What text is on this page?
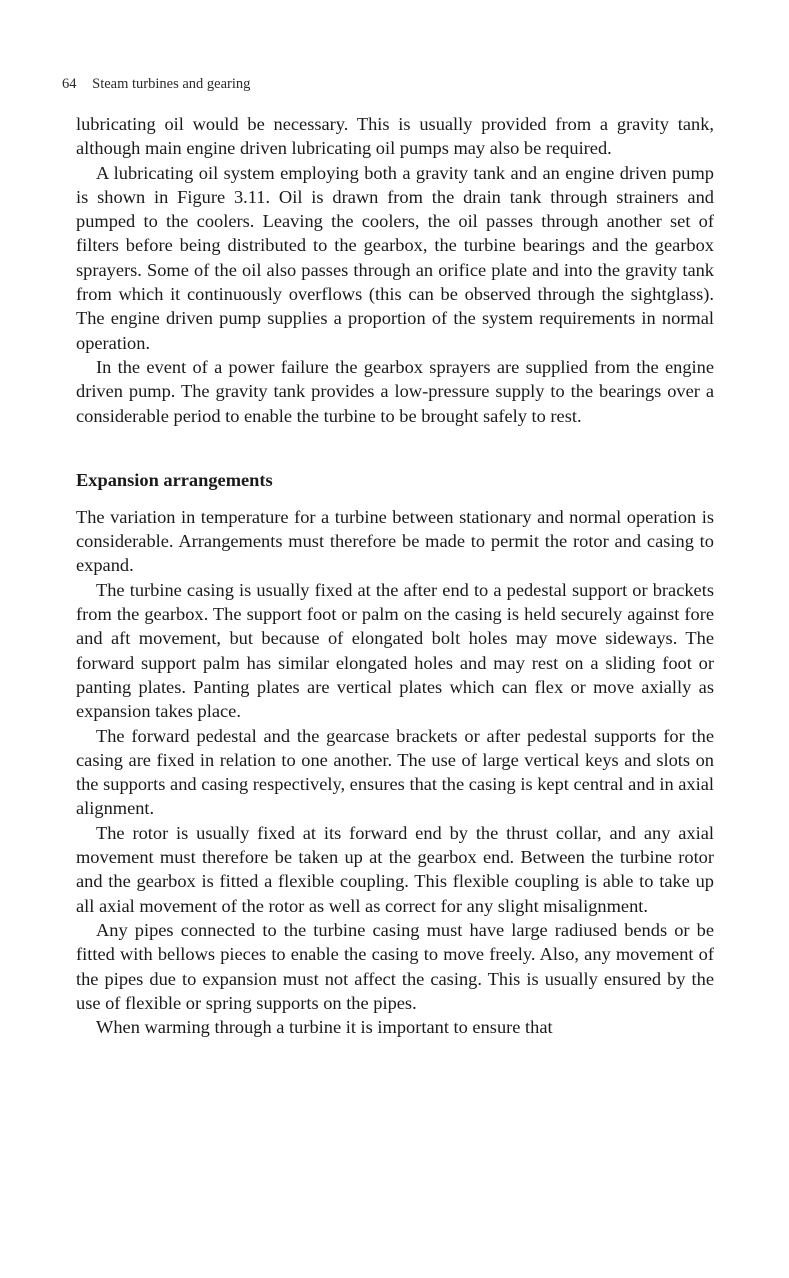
64 Steam turbines and gearing

lubricating oil would be necessary. This is usually provided from a gravity tank, although main engine driven lubricating oil pumps may also be required.

A lubricating oil system employing both a gravity tank and an engine driven pump is shown in Figure 3.11. Oil is drawn from the drain tank through strainers and pumped to the coolers. Leaving the coolers, the oil passes through another set of filters before being distributed to the gearbox, the turbine bearings and the gearbox sprayers. Some of the oil also passes through an orifice plate and into the gravity tank from which it continuously overflows (this can be observed through the sightglass). The engine driven pump supplies a proportion of the system requirements in normal operation.

In the event of a power failure the gearbox sprayers are supplied from the engine driven pump. The gravity tank provides a low-pressure supply to the bearings over a considerable period to enable the turbine to be brought safely to rest.

Expansion arrangements

The variation in temperature for a turbine between stationary and normal operation is considerable. Arrangements must therefore be made to permit the rotor and casing to expand.

The turbine casing is usually fixed at the after end to a pedestal support or brackets from the gearbox. The support foot or palm on the casing is held securely against fore and aft movement, but because of elongated bolt holes may move sideways. The forward support palm has similar elongated holes and may rest on a sliding foot or panting plates. Panting plates are vertical plates which can flex or move axially as expansion takes place.

The forward pedestal and the gearcase brackets or after pedestal supports for the casing are fixed in relation to one another. The use of large vertical keys and slots on the supports and casing respectively, ensures that the casing is kept central and in axial alignment.

The rotor is usually fixed at its forward end by the thrust collar, and any axial movement must therefore be taken up at the gearbox end. Between the turbine rotor and the gearbox is fitted a flexible coupling. This flexible coupling is able to take up all axial movement of the rotor as well as correct for any slight misalignment.

Any pipes connected to the turbine casing must have large radiused bends or be fitted with bellows pieces to enable the casing to move freely. Also, any movement of the pipes due to expansion must not affect the casing. This is usually ensured by the use of flexible or spring supports on the pipes.

When warming through a turbine it is important to ensure that
